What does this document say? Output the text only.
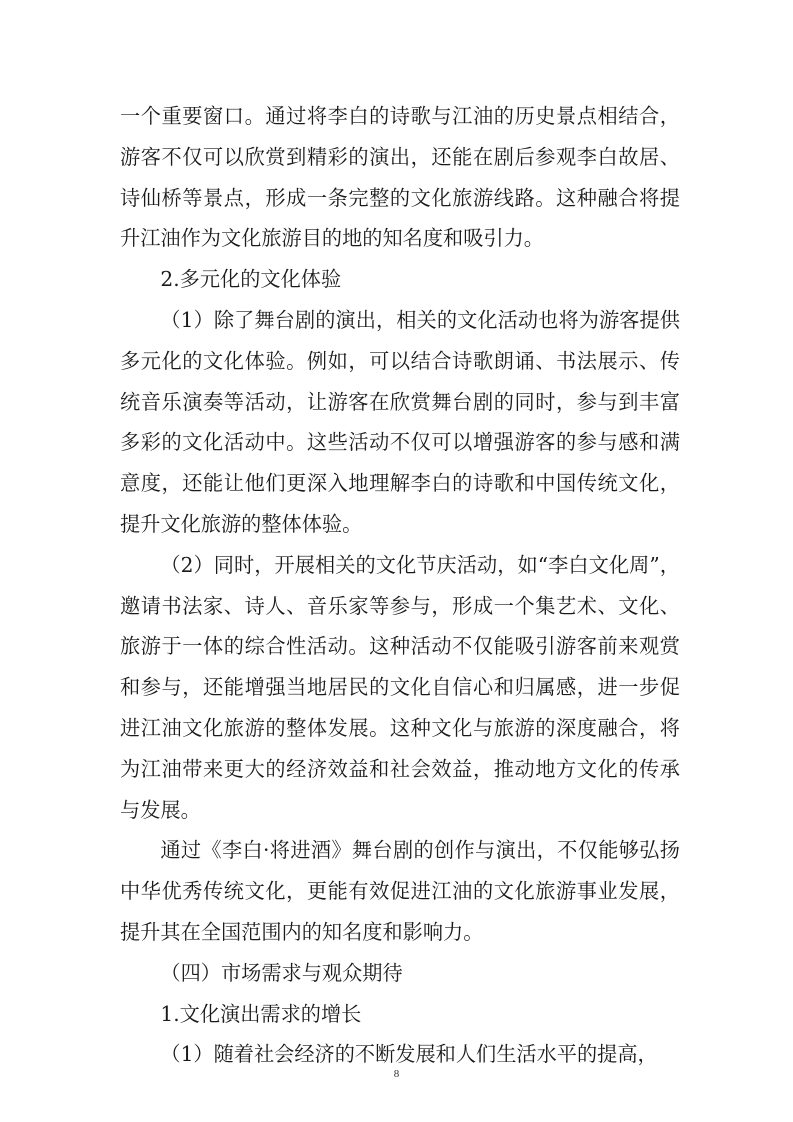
一个重要窗口。通过将李白的诗歌与江油的历史景点相结合，游客不仅可以欣赏到精彩的演出，还能在剧后参观李白故居、诗仙桥等景点，形成一条完整的文化旅游线路。这种融合将提升江油作为文化旅游目的地的知名度和吸引力。

2.多元化的文化体验

（1）除了舞台剧的演出，相关的文化活动也将为游客提供多元化的文化体验。例如，可以结合诗歌朗诵、书法展示、传统音乐演奏等活动，让游客在欣赏舞台剧的同时，参与到丰富多彩的文化活动中。这些活动不仅可以增强游客的参与感和满意度，还能让他们更深入地理解李白的诗歌和中国传统文化，提升文化旅游的整体体验。

（2）同时，开展相关的文化节庆活动，如“李白文化周”，邀请书法家、诗人、音乐家等参与，形成一个集艺术、文化、旅游于一体的综合性活动。这种活动不仅能吸引游客前来观赏和参与，还能增强当地居民的文化自信心和归属感，进一步促进江油文化旅游的整体发展。这种文化与旅游的深度融合，将为江油带来更大的经济效益和社会效益，推动地方文化的传承与发展。

通过《李白·将进酒》舞台剧的创作与演出，不仅能够弘扬中华优秀传统文化，更能有效促进江油的文化旅游事业发展，提升其在全国范围内的知名度和影响力。

（四）市场需求与观众期待

1.文化演出需求的增长

（1）随着社会经济的不断发展和人们生活水平的提高，

8
